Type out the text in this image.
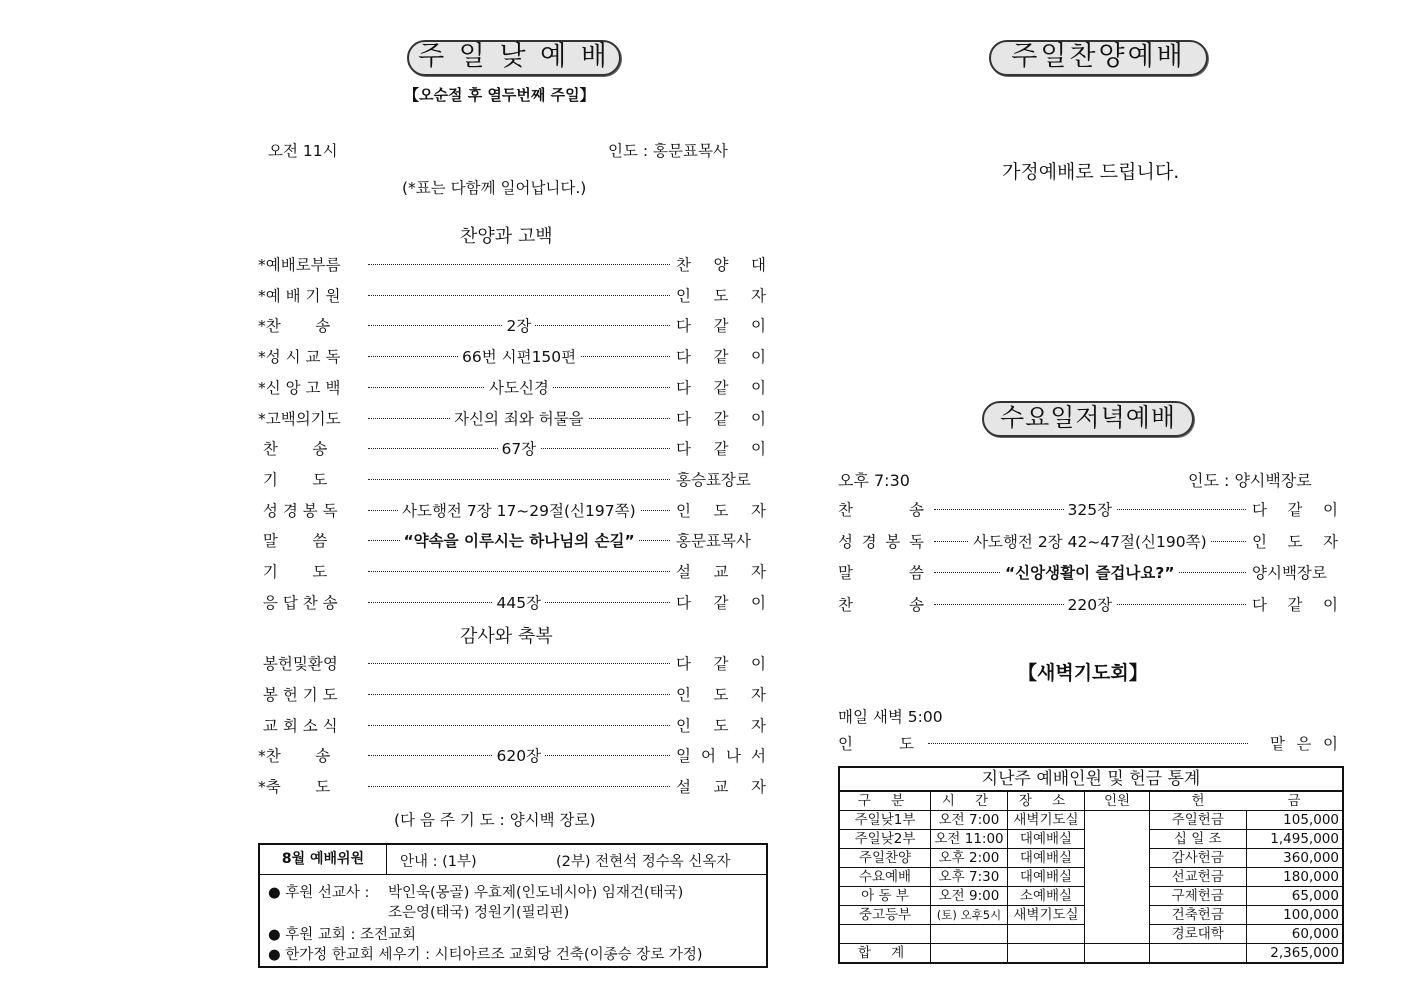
주 일 낮 예 배
【오순절 후 열두번째 주일】
오전 11시	인도 : 홍문표목사
(*표는 다함께 일어납니다.)
찬양과 고백
*예배로부름	찬 양 대
*예 배 기 원	인 도 자
*찬       송	2장	다 같 이
*성 시 교 독	66번 시편150편	다 같 이
*신 앙 고 백	사도신경	다 같 이
*고백의기도	자신의 죄와 허물을	다 같 이
찬       송	67장	다 같 이
기       도	홍승표장로
성 경 봉 독	사도행전 7장 17~29절(신197쪽)	인 도 자
말       씀	“약속을 이루시는 하나님의 손길”	홍문표목사
기       도	설 교 자
응 답 찬 송	445장	다 같 이
감사와 축복
봉헌및환영	다 같 이
봉 헌 기 도	인 도 자
교 회 소 식	인 도 자
*찬       송	620장	일 어 나 서
*축       도	설 교 자
(다 음 주 기 도 : 양시백 장로)
8월 예배위원	안내 : (1부)	(2부) 전현석 정수옥 신옥자
● 후원 선교사 : 박인욱(몽골) 우효제(인도네시아) 임재건(태국)
조은영(태국) 정원기(필리핀)
● 후원 교회 : 조전교회
● 한가정 한교회 세우기 : 시티아르조 교회당 건축(이종승 장로 가정)
주일찬양예배
가정예배로 드립니다.
수요일저녁예배
오후 7:30	인도 : 양시백장로
찬 송	325장	다 같 이
성 경 봉 독	사도행전 2장 42~47절(신190쪽)	인 도 자
말 씀	“신앙생활이 즐겁나요?”	양시백장로
찬 송	220장	다 같 이
【새벽기도회】
매일 새벽 5:00
인 도	맡 은 이
지난주 예배인원 및 헌금 통계					
구 분	시 간	장 소	인원	헌	금
주일낮1부	오전 7:00	새벽기도실		주일헌금	105,000
주일낮2부	오전 11:00	대예배실		십 일 조	1,495,000
주일찬양	오후 2:00	대예배실		감사헌금	360,000
수요예배	오후 7:30	대예배실		선교헌금	180,000
아 동 부	오전 9:00	소예배실		구제헌금	65,000
중고등부	(토) 오후5시	새벽기도실		건축헌금	100,000
				경로대학	60,000
합 계					2,365,000
